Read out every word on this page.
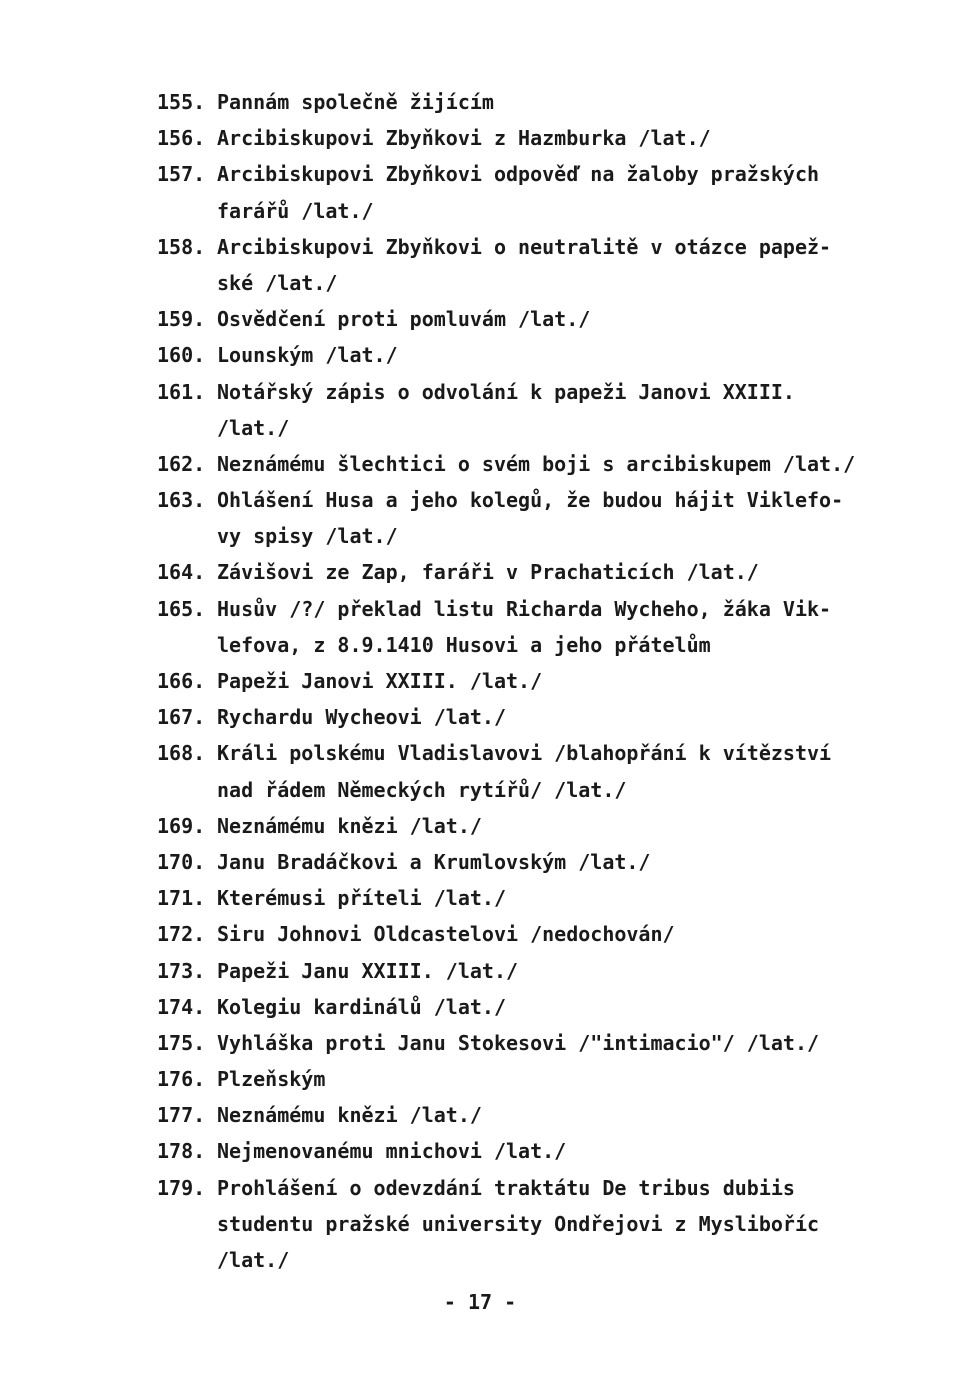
155. Pannám společně žijícím
156. Arcibiskupovi Zbyňkovi z Hazmburka /lat./
157. Arcibiskupovi Zbyňkovi odpověď na žaloby pražských
farářů /lat./
158. Arcibiskupovi Zbyňkovi o neutralitě v otázce papež-
ské /lat./
159. Osvědčení proti pomluvám /lat./
160. Lounským /lat./
161. Notářský zápis o odvolání k papeži Janovi XXIII.
/lat./
162. Neznámému šlechtici o svém boji s arcibiskupem /lat./
163. Ohlášení Husa a jeho kolegů, že budou hájit Viklefo-
vy spisy /lat./
164. Závišovi ze Zap, faráři v Prachaticích /lat./
165. Husův /?/ překlad listu Richarda Wycheho, žáka Vik-
lefova, z 8.9.1410 Husovi a jeho přátelům
166. Papeži Janovi XXIII. /lat./
167. Rychardu Wycheovi /lat./
168. Králi polskému Vladislavovi /blahopřání k vítězství
nad řádem Německých rytířů/ /lat./
169. Neznámému knězi /lat./
170. Janu Bradáčkovi a Krumlovským /lat./
171. Kterémusi příteli /lat./
172. Siru Johnovi Oldcastelovi /nedochován/
173. Papeži Janu XXIII. /lat./
174. Kolegiu kardinálů /lat./
175. Vyhláška proti Janu Stokesovi /"intimacio"/ /lat./
176. Plzeňským
177. Neznámému knězi /lat./
178. Nejmenovanému mnichovi /lat./
179. Prohlášení o odevzdání traktátu De tribus dubiis
studentu pražské university Ondřejovi z Mysliboříc
/lat./
- 17 -
